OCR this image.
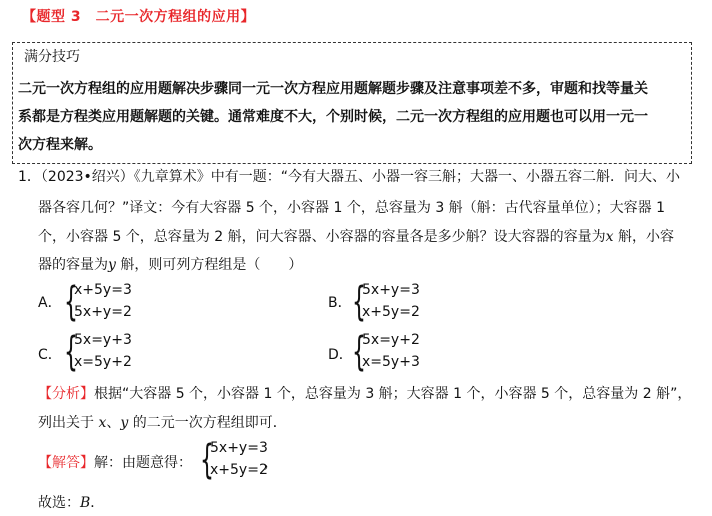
【题型 3　二元一次方程组的应用】
满分技巧
二元一次方程组的应用题解决步骤同一元一次方程应用题解题步骤及注意事项差不多，审题和找等量关
系都是方程类应用题解题的关键。通常难度不大，个别时候，二元一次方程组的应用题也可以用一元一
次方程来解。
1．（2023•绍兴）《九章算术》中有一题：“今有大器五、小器一容三斛；大器一、小器五容二斛．问大、小
器各容几何？”译文：今有大容器 5 个，小容器 1 个，总容量为 3 斛（斛：古代容量单位）；大容器 1
个，小容器 5 个，总容量为 2 斛，问大容器、小容器的容量各是多少斛？设大容器的容量为x 斛，小容
器的容量为y 斛，则可列方程组是（　　）
A． {
x+5y=3
5x+y=2
B． {
5x+y=3
x+5y=2
C． {
5x=y+3
x=5y+2	D． {
5x=y+2
x=5y+3
【分析】根据“大容器 5 个，小容器 1 个，总容量为 3 斛；大容器 1 个，小容器 5 个，总容量为 2 斛”，
列出关于 x、y 的二元一次方程组即可．
【解答】解：由题意得： {
5x+y=3
x+5y=2
，
故选：B．
